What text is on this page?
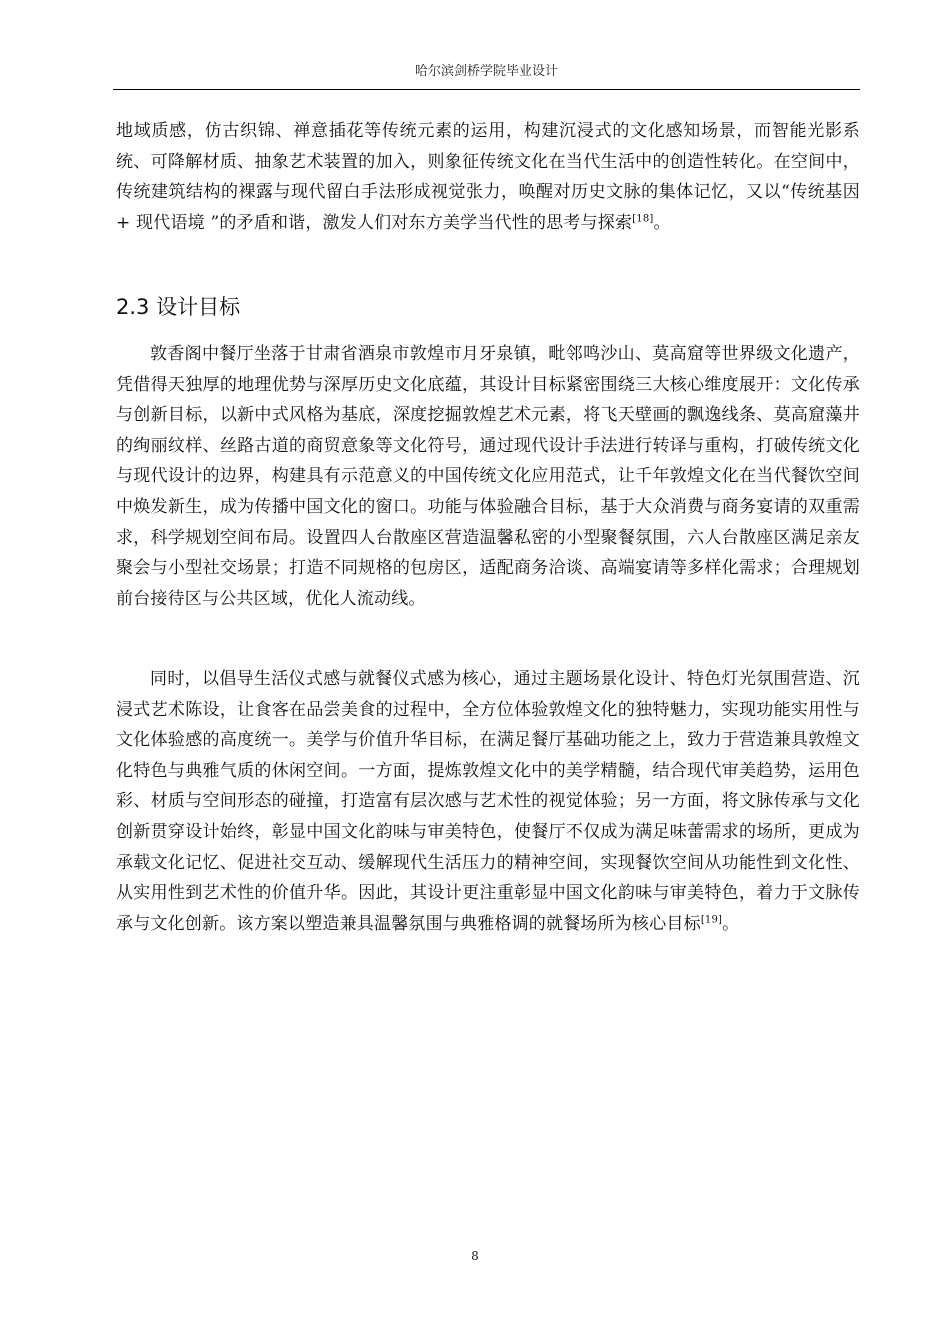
哈尔滨剑桥学院毕业设计

地域质感，仿古织锦、禅意插花等传统元素的运用，构建沉浸式的文化感知场景，而智能光影系统、可降解材质、抽象艺术装置的加入，则象征传统文化在当代生活中的创造性转化。在空间中，传统建筑结构的裸露与现代留白手法形成视觉张力，唤醒对历史文脉的集体记忆，又以“传统基因 + 现代语境 ”的矛盾和谐，激发人们对东方美学当代性的思考与探索[18]。

2.3 设计目标

敦香阁中餐厅坐落于甘肃省酒泉市敦煌市月牙泉镇，毗邻鸣沙山、莫高窟等世界级文化遗产，凭借得天独厚的地理优势与深厚历史文化底蕴，其设计目标紧密围绕三大核心维度展开：文化传承与创新目标，以新中式风格为基底，深度挖掘敦煌艺术元素，将飞天壁画的飘逸线条、莫高窟藻井的绚丽纹样、丝路古道的商贸意象等文化符号，通过现代设计手法进行转译与重构，打破传统文化与现代设计的边界，构建具有示范意义的中国传统文化应用范式，让千年敦煌文化在当代餐饮空间中焕发新生，成为传播中国文化的窗口。功能与体验融合目标，基于大众消费与商务宴请的双重需求，科学规划空间布局。设置四人台散座区营造温馨私密的小型聚餐氛围，六人台散座区满足亲友聚会与小型社交场景；打造不同规格的包房区，适配商务洽谈、高端宴请等多样化需求；合理规划前台接待区与公共区域，优化人流动线。

同时，以倡导生活仪式感与就餐仪式感为核心，通过主题场景化设计、特色灯光氛围营造、沉浸式艺术陈设，让食客在品尝美食的过程中，全方位体验敦煌文化的独特魅力，实现功能实用性与文化体验感的高度统一。美学与价值升华目标，在满足餐厅基础功能之上，致力于营造兼具敦煌文化特色与典雅气质的休闲空间。一方面，提炼敦煌文化中的美学精髓，结合现代审美趋势，运用色彩、材质与空间形态的碰撞，打造富有层次感与艺术性的视觉体验；另一方面，将文脉传承与文化创新贯穿设计始终，彰显中国文化韵味与审美特色，使餐厅不仅成为满足味蕾需求的场所，更成为承载文化记忆、促进社交互动、缓解现代生活压力的精神空间，实现餐饮空间从功能性到文化性、从实用性到艺术性的价值升华。因此，其设计更注重彰显中国文化韵味与审美特色，着力于文脉传承与文化创新。该方案以塑造兼具温馨氛围与典雅格调的就餐场所为核心目标[19]。

8
